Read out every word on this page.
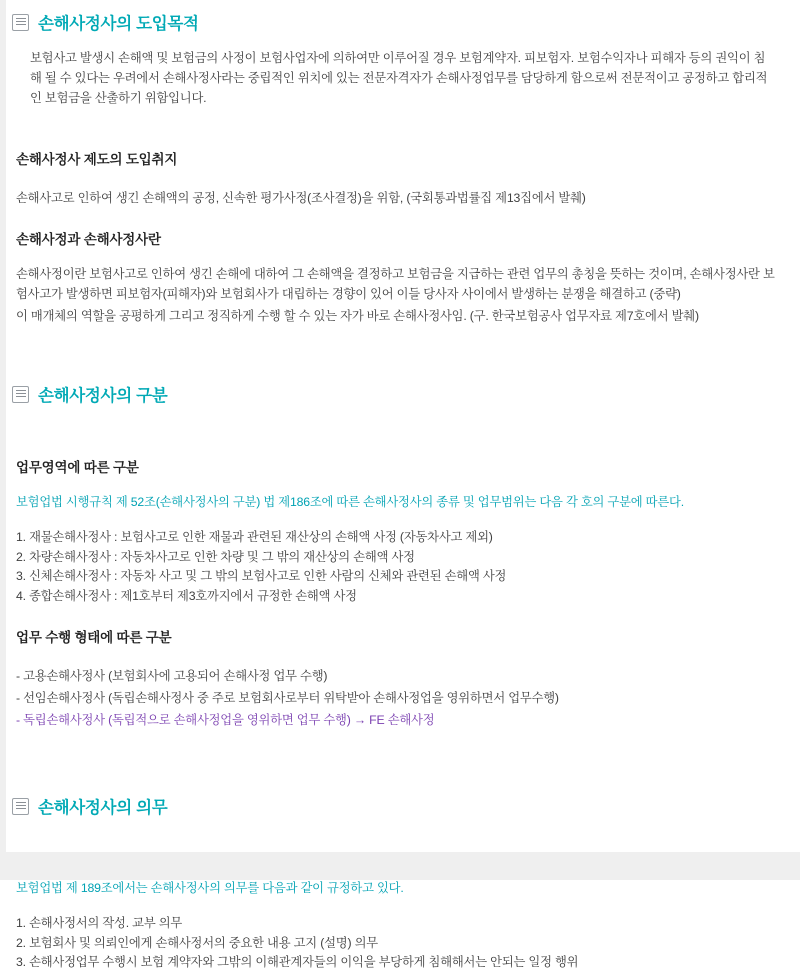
손해사정사의 도입목적

보험사고 발생시 손해액 및 보험금의 사정이 보험사업자에 의하여만 이루어질 경우 보험계약자. 피보험자. 보험수익자나 피해자 등의 권익이 침해 될 수 있다는 우려에서 손해사정사라는 중립적인 위치에 있는 전문자격자가 손해사정업무를 담당하게 함으로써 전문적이고 공정하고 합리적인 보험금을 산출하기 위함입니다.

손해사정사 제도의 도입취지

손해사고로 인하여 생긴 손해액의 공정, 신속한 평가사정(조사결정)을 위함, (국회통과법률집 제13집에서 발췌)

손해사정과 손해사정사란

손해사정이란 보험사고로 인하여 생긴 손해에 대하여 그 손해액을 결정하고 보험금을 지급하는 관련 업무의 총칭을 뜻하는 것이며, 손해사정사란 보험사고가 발생하면 피보험자(피해자)와 보험회사가 대립하는 경향이 있어 이들 당사자 사이에서 발생하는 분쟁을 해결하고 (중략)

이 매개체의 역할을 공평하게 그리고 정직하게 수행 할 수 있는 자가 바로 손해사정사임. (구. 한국보험공사 업무자료 제7호에서 발췌)

손해사정사의 구분
업무영역에 따른 구분

보험업법 시행규칙 제 52조(손해사정사의 구분) 법 제186조에 따른 손해사정사의 종류 및 업무범위는 다음 각 호의 구분에 따른다.

1. 재물손해사정사 : 보험사고로 인한 재물과 관련된 재산상의 손해액 사정 (자동차사고 제외)
2. 차량손해사정사 : 자동차사고로 인한 차량 및 그 밖의 재산상의 손해액 사정
3. 신체손해사정사 : 자동차 사고 및 그 밖의 보험사고로 인한 사람의 신체와 관련된 손해액 사정
4. 종합손해사정사 : 제1호부터 제3호까지에서 규정한 손해액 사정
업무 수행 형태에 따른 구분

- 고용손해사정사 (보험회사에 고용되어 손해사정 업무 수행)

- 선임손해사정사 (독립손해사정사 중 주로 보험회사로부터 위탁받아 손해사정업을 영위하면서 업무수행)

- 독립손해사정사 (독립적으로 손해사정업을 영위하면 업무 수행) → FE 손해사정

손해사정사의 의무

보험업법 제 189조에서는 손해사정사의 의무를 다음과 같이 규정하고 있다.

1. 손해사정서의 작성. 교부 의무
2. 보험회사 및 의뢰인에게 손해사정서의 중요한 내용 고지 (설명) 의무
3. 손해사정업무 수행시 보험 계약자와 그밖의 이해관계자들의 이익을 부당하게 침해해서는 안되는 일정 행위
